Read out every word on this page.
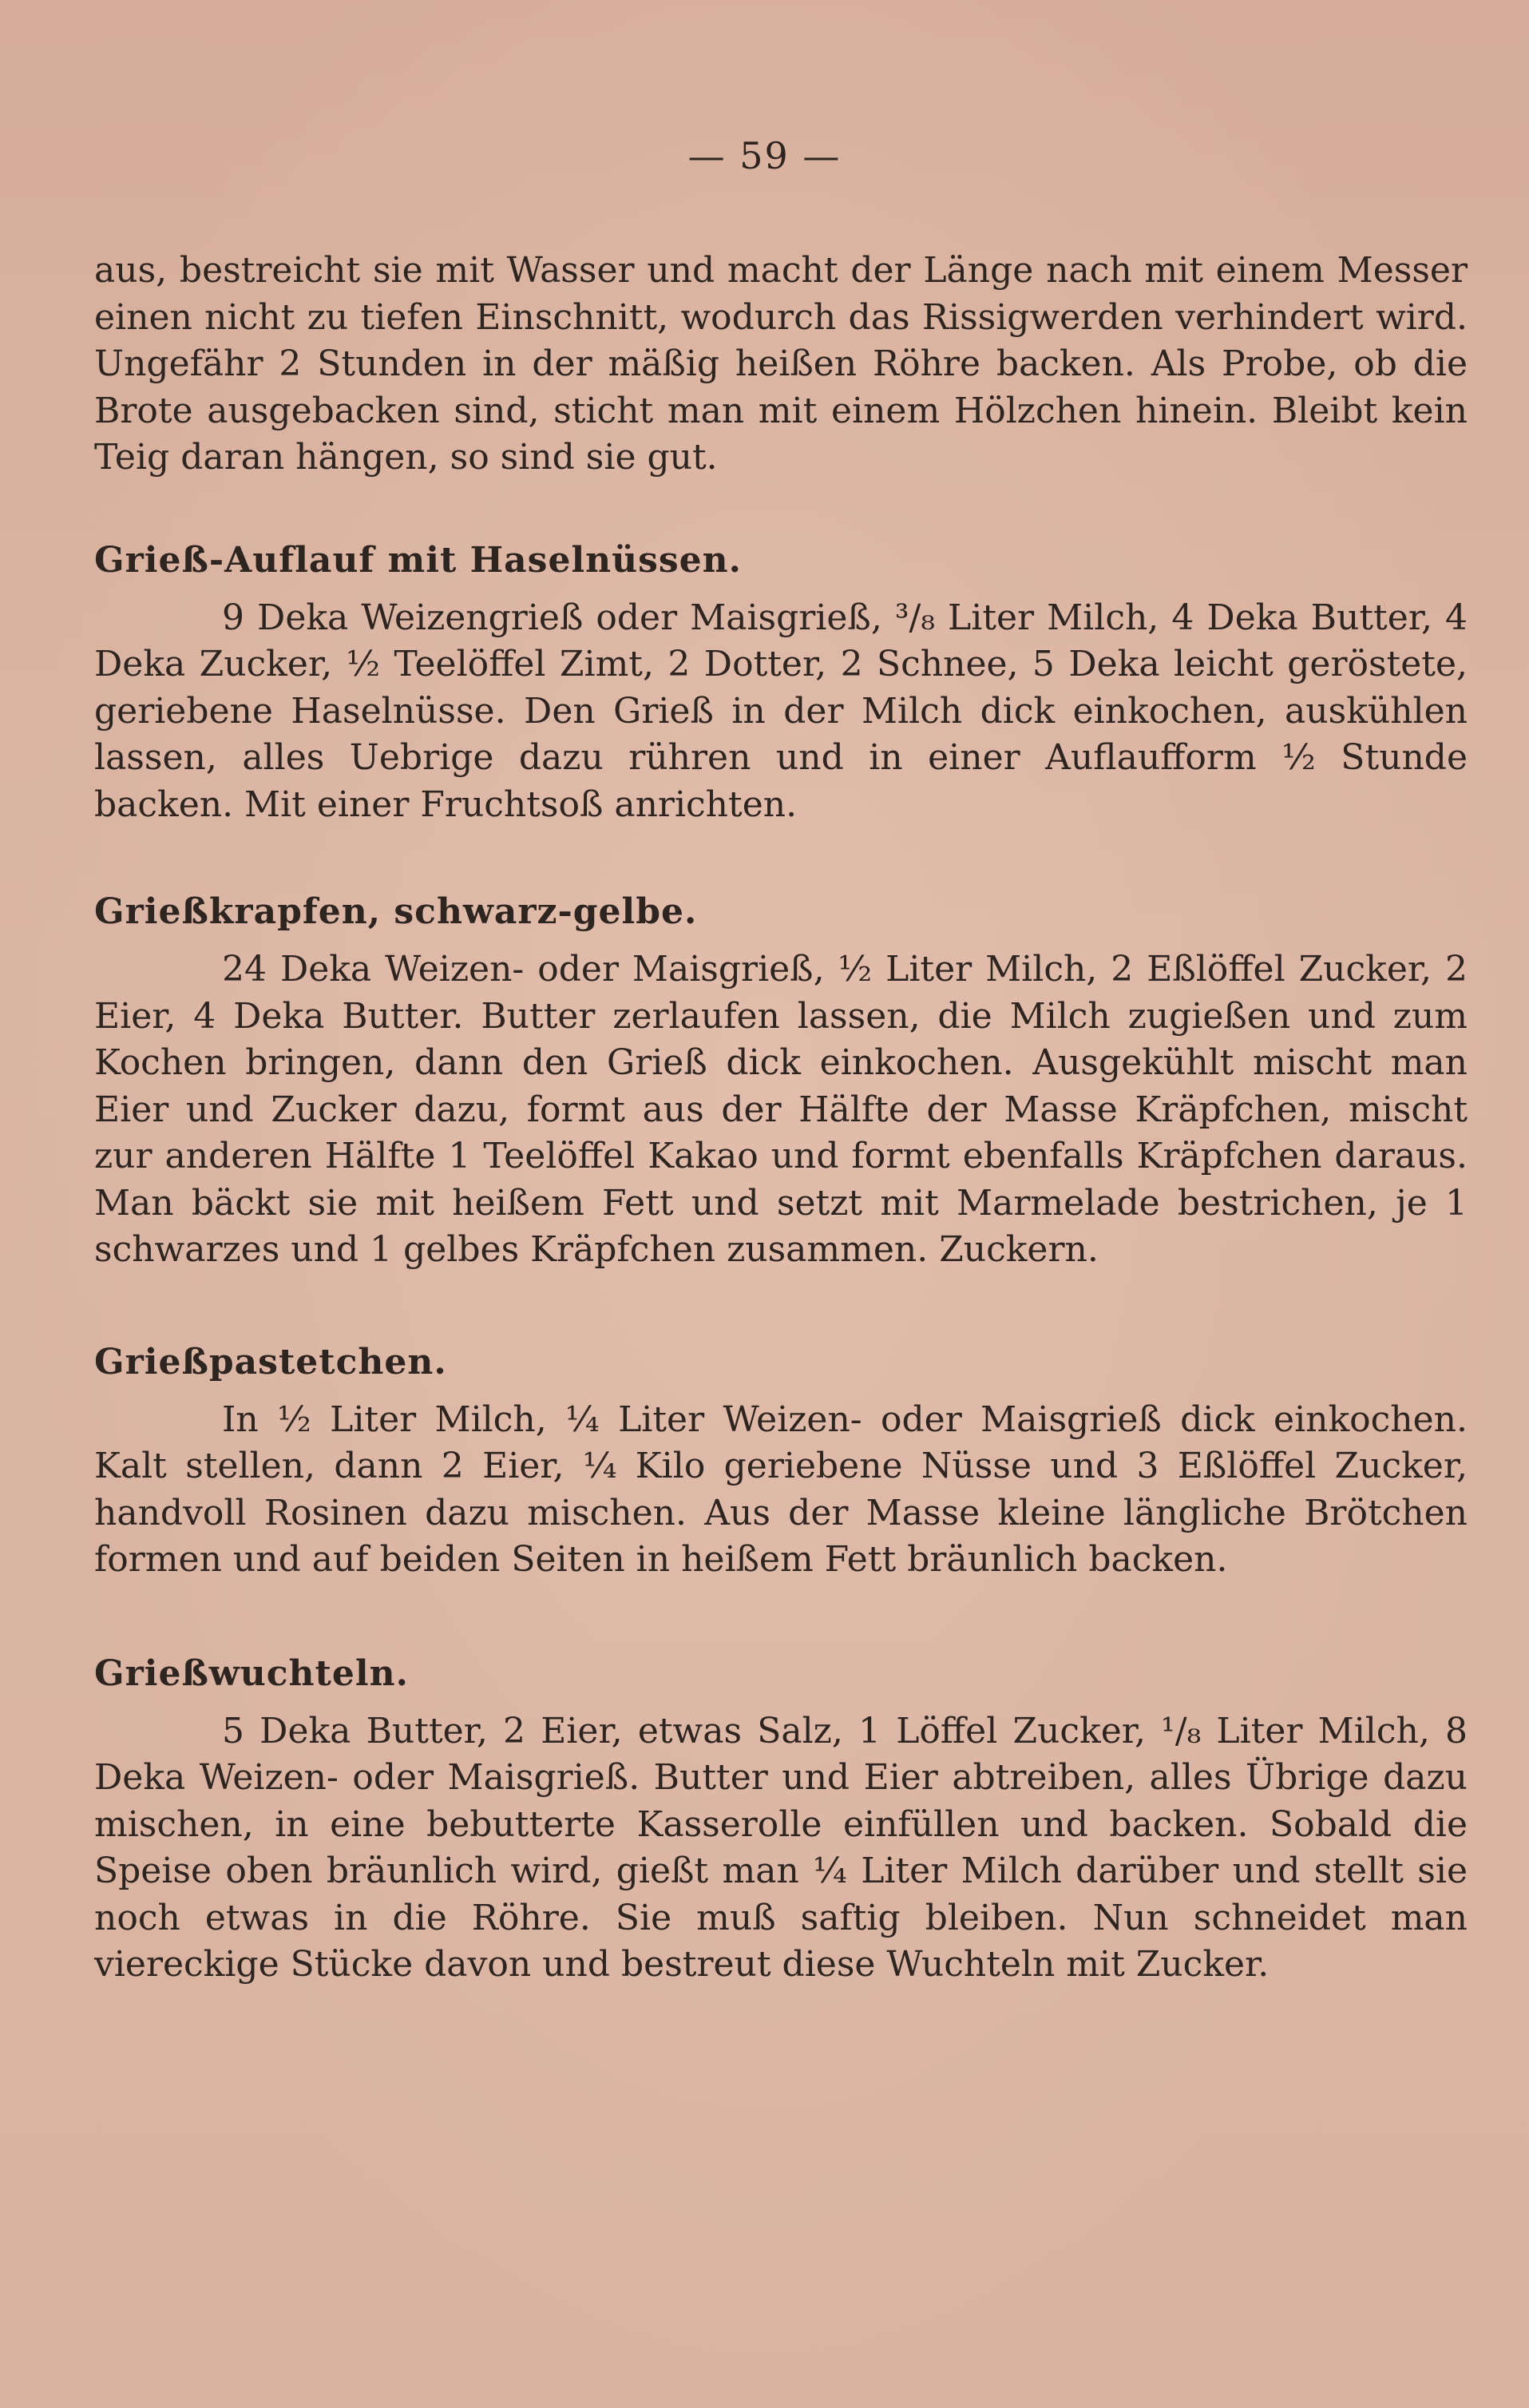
— 59 —

aus, bestreicht sie mit Wasser und macht der Länge nach mit einem Messer einen nicht zu tiefen Einschnitt, wodurch das Rissigwerden verhindert wird. Ungefähr 2 Stunden in der mäßig heißen Röhre backen. Als Probe, ob die Brote ausgebacken sind, sticht man mit einem Hölzchen hinein. Bleibt kein Teig daran hängen, so sind sie gut.

Grieß-Auflauf mit Haselnüssen.

9 Deka Weizengrieß oder Maisgrieß, ³/₈ Liter Milch, 4 Deka Butter, 4 Deka Zucker, ½ Teelöffel Zimt, 2 Dotter, 2 Schnee, 5 Deka leicht geröstete, geriebene Haselnüsse. Den Grieß in der Milch dick einkochen, auskühlen lassen, alles Uebrige dazu rühren und in einer Auflaufform ½ Stunde backen. Mit einer Fruchtsoß anrichten.

Grießkrapfen, schwarz-gelbe.

24 Deka Weizen- oder Maisgrieß, ½ Liter Milch, 2 Eßlöffel Zucker, 2 Eier, 4 Deka Butter. Butter zerlaufen lassen, die Milch zugießen und zum Kochen bringen, dann den Grieß dick einkochen. Ausgekühlt mischt man Eier und Zucker dazu, formt aus der Hälfte der Masse Kräpfchen, mischt zur anderen Hälfte 1 Teelöffel Kakao und formt ebenfalls Kräpfchen daraus. Man bäckt sie mit heißem Fett und setzt mit Marmelade bestrichen, je 1 schwarzes und 1 gelbes Kräpfchen zusammen. Zuckern.

Grießpastetchen.

In ½ Liter Milch, ¼ Liter Weizen- oder Maisgrieß dick einkochen. Kalt stellen, dann 2 Eier, ¼ Kilo geriebene Nüsse und 3 Eßlöffel Zucker, handvoll Rosinen dazu mischen. Aus der Masse kleine längliche Brötchen formen und auf beiden Seiten in heißem Fett bräunlich backen.

Grießwuchteln.

5 Deka Butter, 2 Eier, etwas Salz, 1 Löffel Zucker, ¹/₈ Liter Milch, 8 Deka Weizen- oder Maisgrieß. Butter und Eier abtreiben, alles Übrige dazu mischen, in eine bebutterte Kasserolle einfüllen und backen. Sobald die Speise oben bräunlich wird, gießt man ¼ Liter Milch darüber und stellt sie noch etwas in die Röhre. Sie muß saftig bleiben. Nun schneidet man viereckige Stücke davon und bestreut diese Wuchteln mit Zucker.
